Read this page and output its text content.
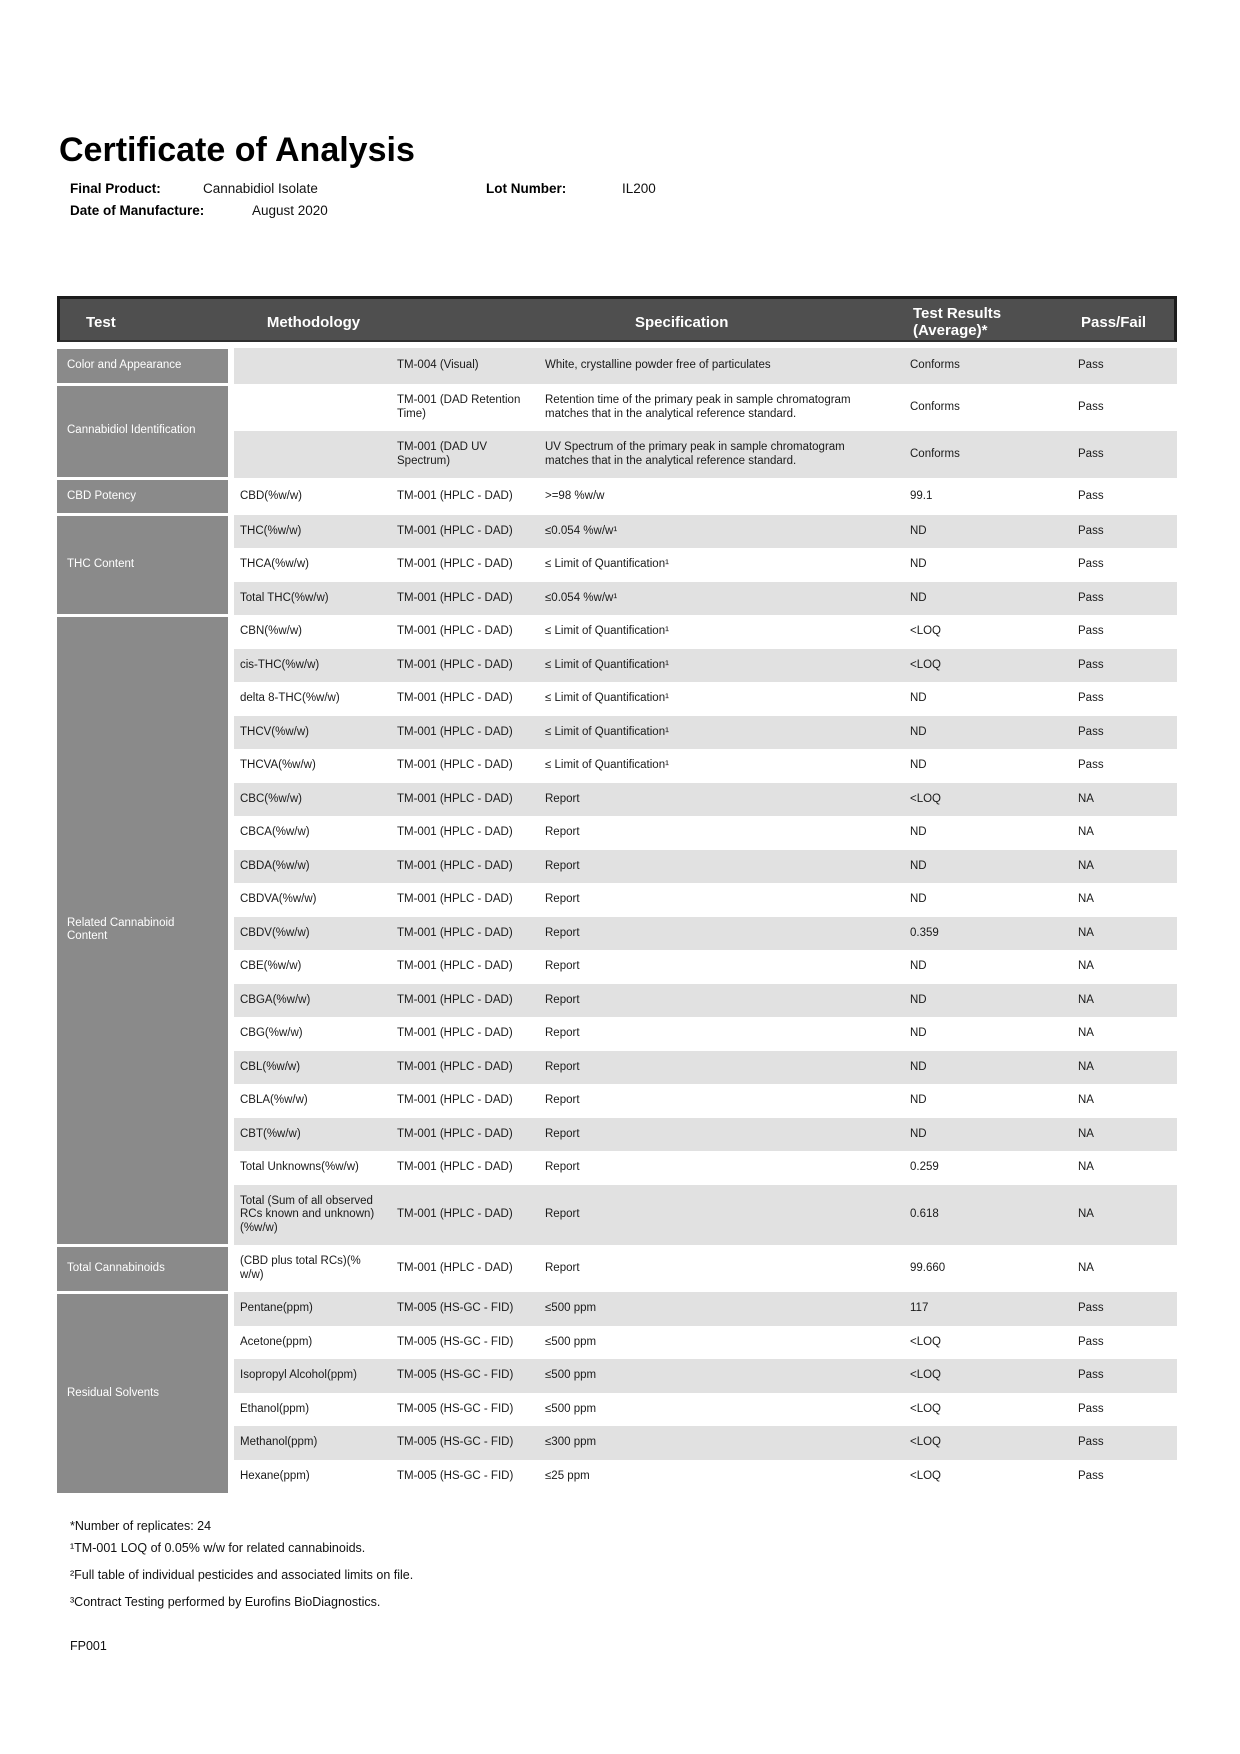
Certificate of Analysis
Final Product:	Cannabidiol Isolate	Lot Number:	IL200
Date of Manufacture:	August 2020
Test	Methodology	Specification	Test Results (Average)*	Pass/Fail
Color and Appearance		TM-004 (Visual)	White, crystalline powder free of particulates	Conforms	Pass
Cannabidiol Identification		TM-001 (DAD Retention Time)	Retention time of the primary peak in sample chromatogram matches that in the analytical reference standard.	Conforms	Pass
		TM-001 (DAD UV Spectrum)	UV Spectrum of the primary peak in sample chromatogram matches that in the analytical reference standard.	Conforms	Pass
CBD Potency	CBD(%w/w)	TM-001 (HPLC - DAD)	>=98 %w/w	99.1	Pass
THC Content	THC(%w/w)	TM-001 (HPLC - DAD)	≤0.054 %w/w¹	ND	Pass
	THCA(%w/w)	TM-001 (HPLC - DAD)	≤ Limit of Quantification¹	ND	Pass
	Total THC(%w/w)	TM-001 (HPLC - DAD)	≤0.054 %w/w¹	ND	Pass
Related Cannabinoid Content	CBN(%w/w)	TM-001 (HPLC - DAD)	≤ Limit of Quantification¹	<LOQ	Pass
	cis-THC(%w/w)	TM-001 (HPLC - DAD)	≤ Limit of Quantification¹	<LOQ	Pass
	delta 8-THC(%w/w)	TM-001 (HPLC - DAD)	≤ Limit of Quantification¹	ND	Pass
	THCV(%w/w)	TM-001 (HPLC - DAD)	≤ Limit of Quantification¹	ND	Pass
	THCVA(%w/w)	TM-001 (HPLC - DAD)	≤ Limit of Quantification¹	ND	Pass
	CBC(%w/w)	TM-001 (HPLC - DAD)	Report	<LOQ	NA
	CBCA(%w/w)	TM-001 (HPLC - DAD)	Report	ND	NA
	CBDA(%w/w)	TM-001 (HPLC - DAD)	Report	ND	NA
	CBDVA(%w/w)	TM-001 (HPLC - DAD)	Report	ND	NA
	CBDV(%w/w)	TM-001 (HPLC - DAD)	Report	0.359	NA
	CBE(%w/w)	TM-001 (HPLC - DAD)	Report	ND	NA
	CBGA(%w/w)	TM-001 (HPLC - DAD)	Report	ND	NA
	CBG(%w/w)	TM-001 (HPLC - DAD)	Report	ND	NA
	CBL(%w/w)	TM-001 (HPLC - DAD)	Report	ND	NA
	CBLA(%w/w)	TM-001 (HPLC - DAD)	Report	ND	NA
	CBT(%w/w)	TM-001 (HPLC - DAD)	Report	ND	NA
	Total Unknowns(%w/w)	TM-001 (HPLC - DAD)	Report	0.259	NA
	Total (Sum of all observed RCs known and unknown) (%w/w)	TM-001 (HPLC - DAD)	Report	0.618	NA
Total Cannabinoids	(CBD plus total RCs)(% w/w)	TM-001 (HPLC - DAD)	Report	99.660	NA
Residual Solvents	Pentane(ppm)	TM-005 (HS-GC - FID)	≤500 ppm	117	Pass
	Acetone(ppm)	TM-005 (HS-GC - FID)	≤500 ppm	<LOQ	Pass
	Isopropyl Alcohol(ppm)	TM-005 (HS-GC - FID)	≤500 ppm	<LOQ	Pass
	Ethanol(ppm)	TM-005 (HS-GC - FID)	≤500 ppm	<LOQ	Pass
	Methanol(ppm)	TM-005 (HS-GC - FID)	≤300 ppm	<LOQ	Pass
	Hexane(ppm)	TM-005 (HS-GC - FID)	≤25 ppm	<LOQ	Pass

*Number of replicates: 24

¹TM-001 LOQ of 0.05% w/w for related cannabinoids.

²Full table of individual pesticides and associated limits on file.

³Contract Testing performed by Eurofins BioDiagnostics.

FP001
